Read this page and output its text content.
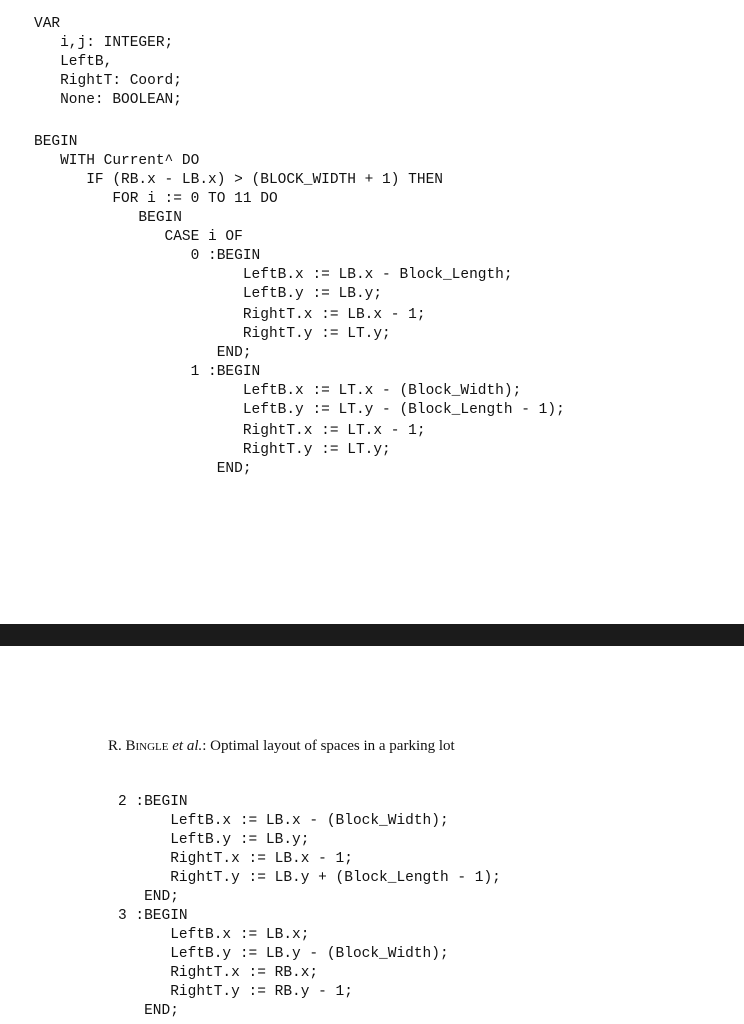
VAR
i,j: INTEGER;
LeftB,
RightT: Coord;
None: BOOLEAN;
BEGIN
WITH Current^ DO
IF (RB.x - LB.x) > (BLOCK_WIDTH + 1) THEN
FOR i := 0 TO 11 DO
BEGIN
CASE i OF
0 :BEGIN
LeftB.x := LB.x - Block_Length;
LeftB.y := LB.y;
RightT.x := LB.x - 1;
RightT.y := LT.y;
END;
1 :BEGIN
LeftB.x := LT.x - (Block_Width);
LeftB.y := LT.y - (Block_Length - 1);
RightT.x := LT.x - 1;
RightT.y := LT.y;
END;
R. Bingle et al.: Optimal layout of spaces in a parking lot
2 :BEGIN
LeftB.x := LB.x - (Block_Width);
LeftB.y := LB.y;
RightT.x := LB.x - 1;
RightT.y := LB.y + (Block_Length - 1);
END;
3 :BEGIN
LeftB.x := LB.x;
LeftB.y := LB.y - (Block_Width);
RightT.x := RB.x;
RightT.y := RB.y - 1;
END;
